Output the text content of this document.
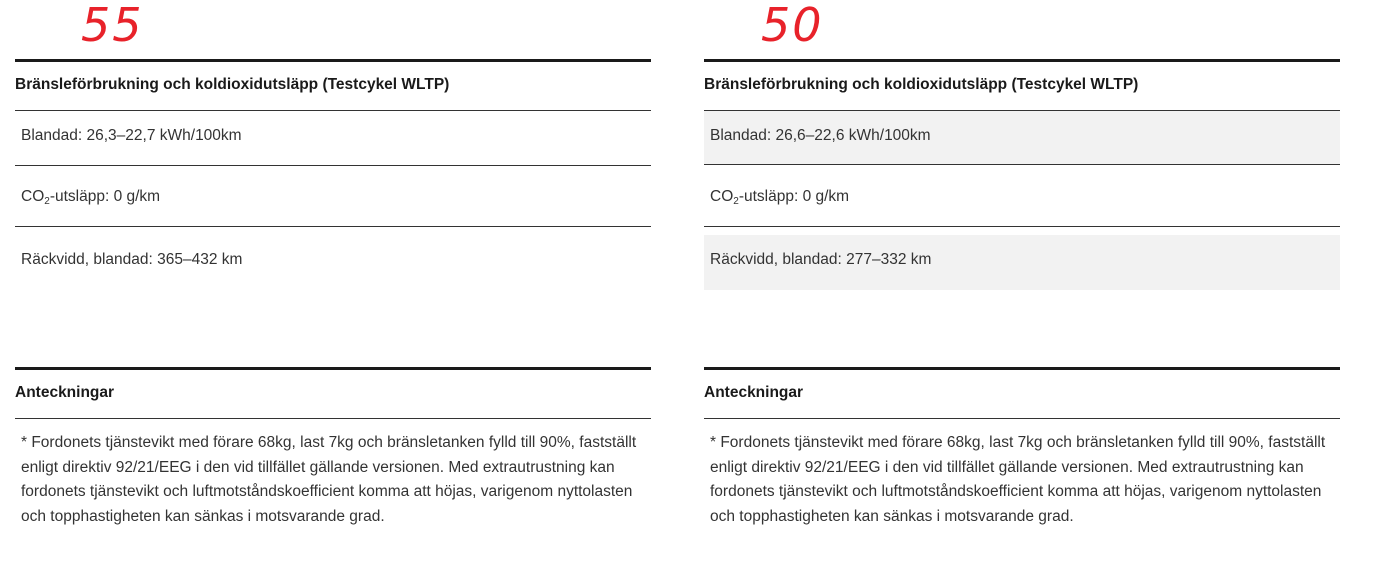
55
Bränsleförbrukning och koldioxidutsläpp (Testcykel WLTP)
Blandad: 26,3–22,7 kWh/100km
$CO_2$-utsläpp: 0 g/km
Räckvidd, blandad: 365–432 km
Anteckningar
* Fordonets tjänstevikt med förare 68kg, last 7kg och bränsletanken fylld till 90%, fastställt enligt direktiv 92/21/EEG i den vid tillfället gällande versionen. Med extrautrustning kan fordonets tjänstevikt och luftmotståndskoefficient komma att höjas, varigenom nyttolasten och topphastigheten kan sänkas i motsvarande grad.
50
Bränsleförbrukning och koldioxidutsläpp (Testcykel WLTP)
Blandad: 26,6–22,6 kWh/100km
$CO_2$-utsläpp: 0 g/km
Räckvidd, blandad: 277–332 km
Anteckningar
* Fordonets tjänstevikt med förare 68kg, last 7kg och bränsletanken fylld till 90%, fastställt enligt direktiv 92/21/EEG i den vid tillfället gällande versionen. Med extrautrustning kan fordonets tjänstevikt och luftmotståndskoefficient komma att höjas, varigenom nyttolasten och topphastigheten kan sänkas i motsvarande grad.
